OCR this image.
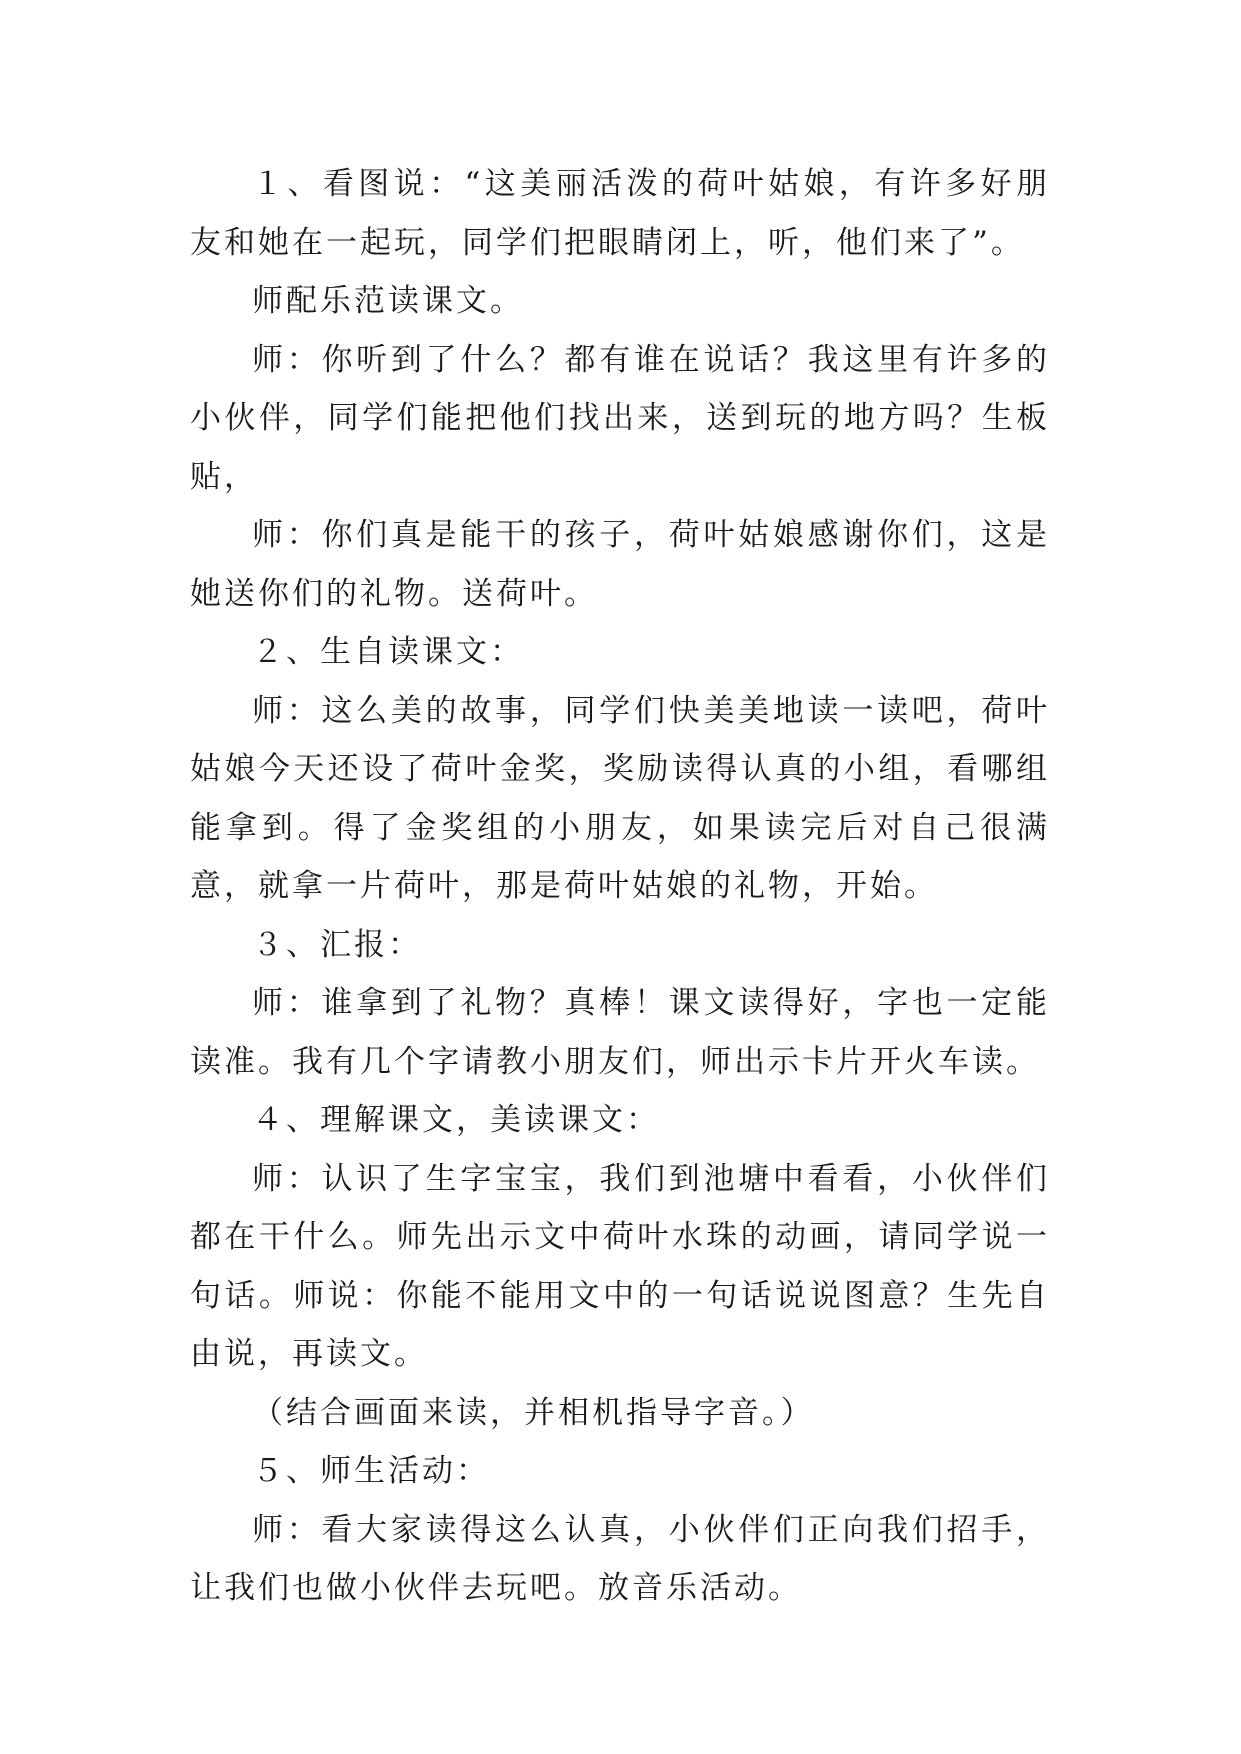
１、看图说：“这美丽活泼的荷叶姑娘，有许多好朋友和她在一起玩，同学们把眼睛闭上，听，他们来了”。

师配乐范读课文。

师：你听到了什么？都有谁在说话？我这里有许多的小伙伴，同学们能把他们找出来，送到玩的地方吗？生板贴，

师：你们真是能干的孩子，荷叶姑娘感谢你们，这是她送你们的礼物。送荷叶。

２、生自读课文：

师：这么美的故事，同学们快美美地读一读吧，荷叶姑娘今天还设了荷叶金奖，奖励读得认真的小组，看哪组能拿到。得了金奖组的小朋友，如果读完后对自己很满意，就拿一片荷叶，那是荷叶姑娘的礼物，开始。

３、汇报：

师：谁拿到了礼物？真棒！课文读得好，字也一定能读准。我有几个字请教小朋友们，师出示卡片开火车读。

４、理解课文，美读课文：

师：认识了生字宝宝，我们到池塘中看看，小伙伴们都在干什么。师先出示文中荷叶水珠的动画，请同学说一句话。师说：你能不能用文中的一句话说说图意？生先自由说，再读文。

（结合画面来读，并相机指导字音。）

５、师生活动：

师：看大家读得这么认真，小伙伴们正向我们招手，让我们也做小伙伴去玩吧。放音乐活动。
